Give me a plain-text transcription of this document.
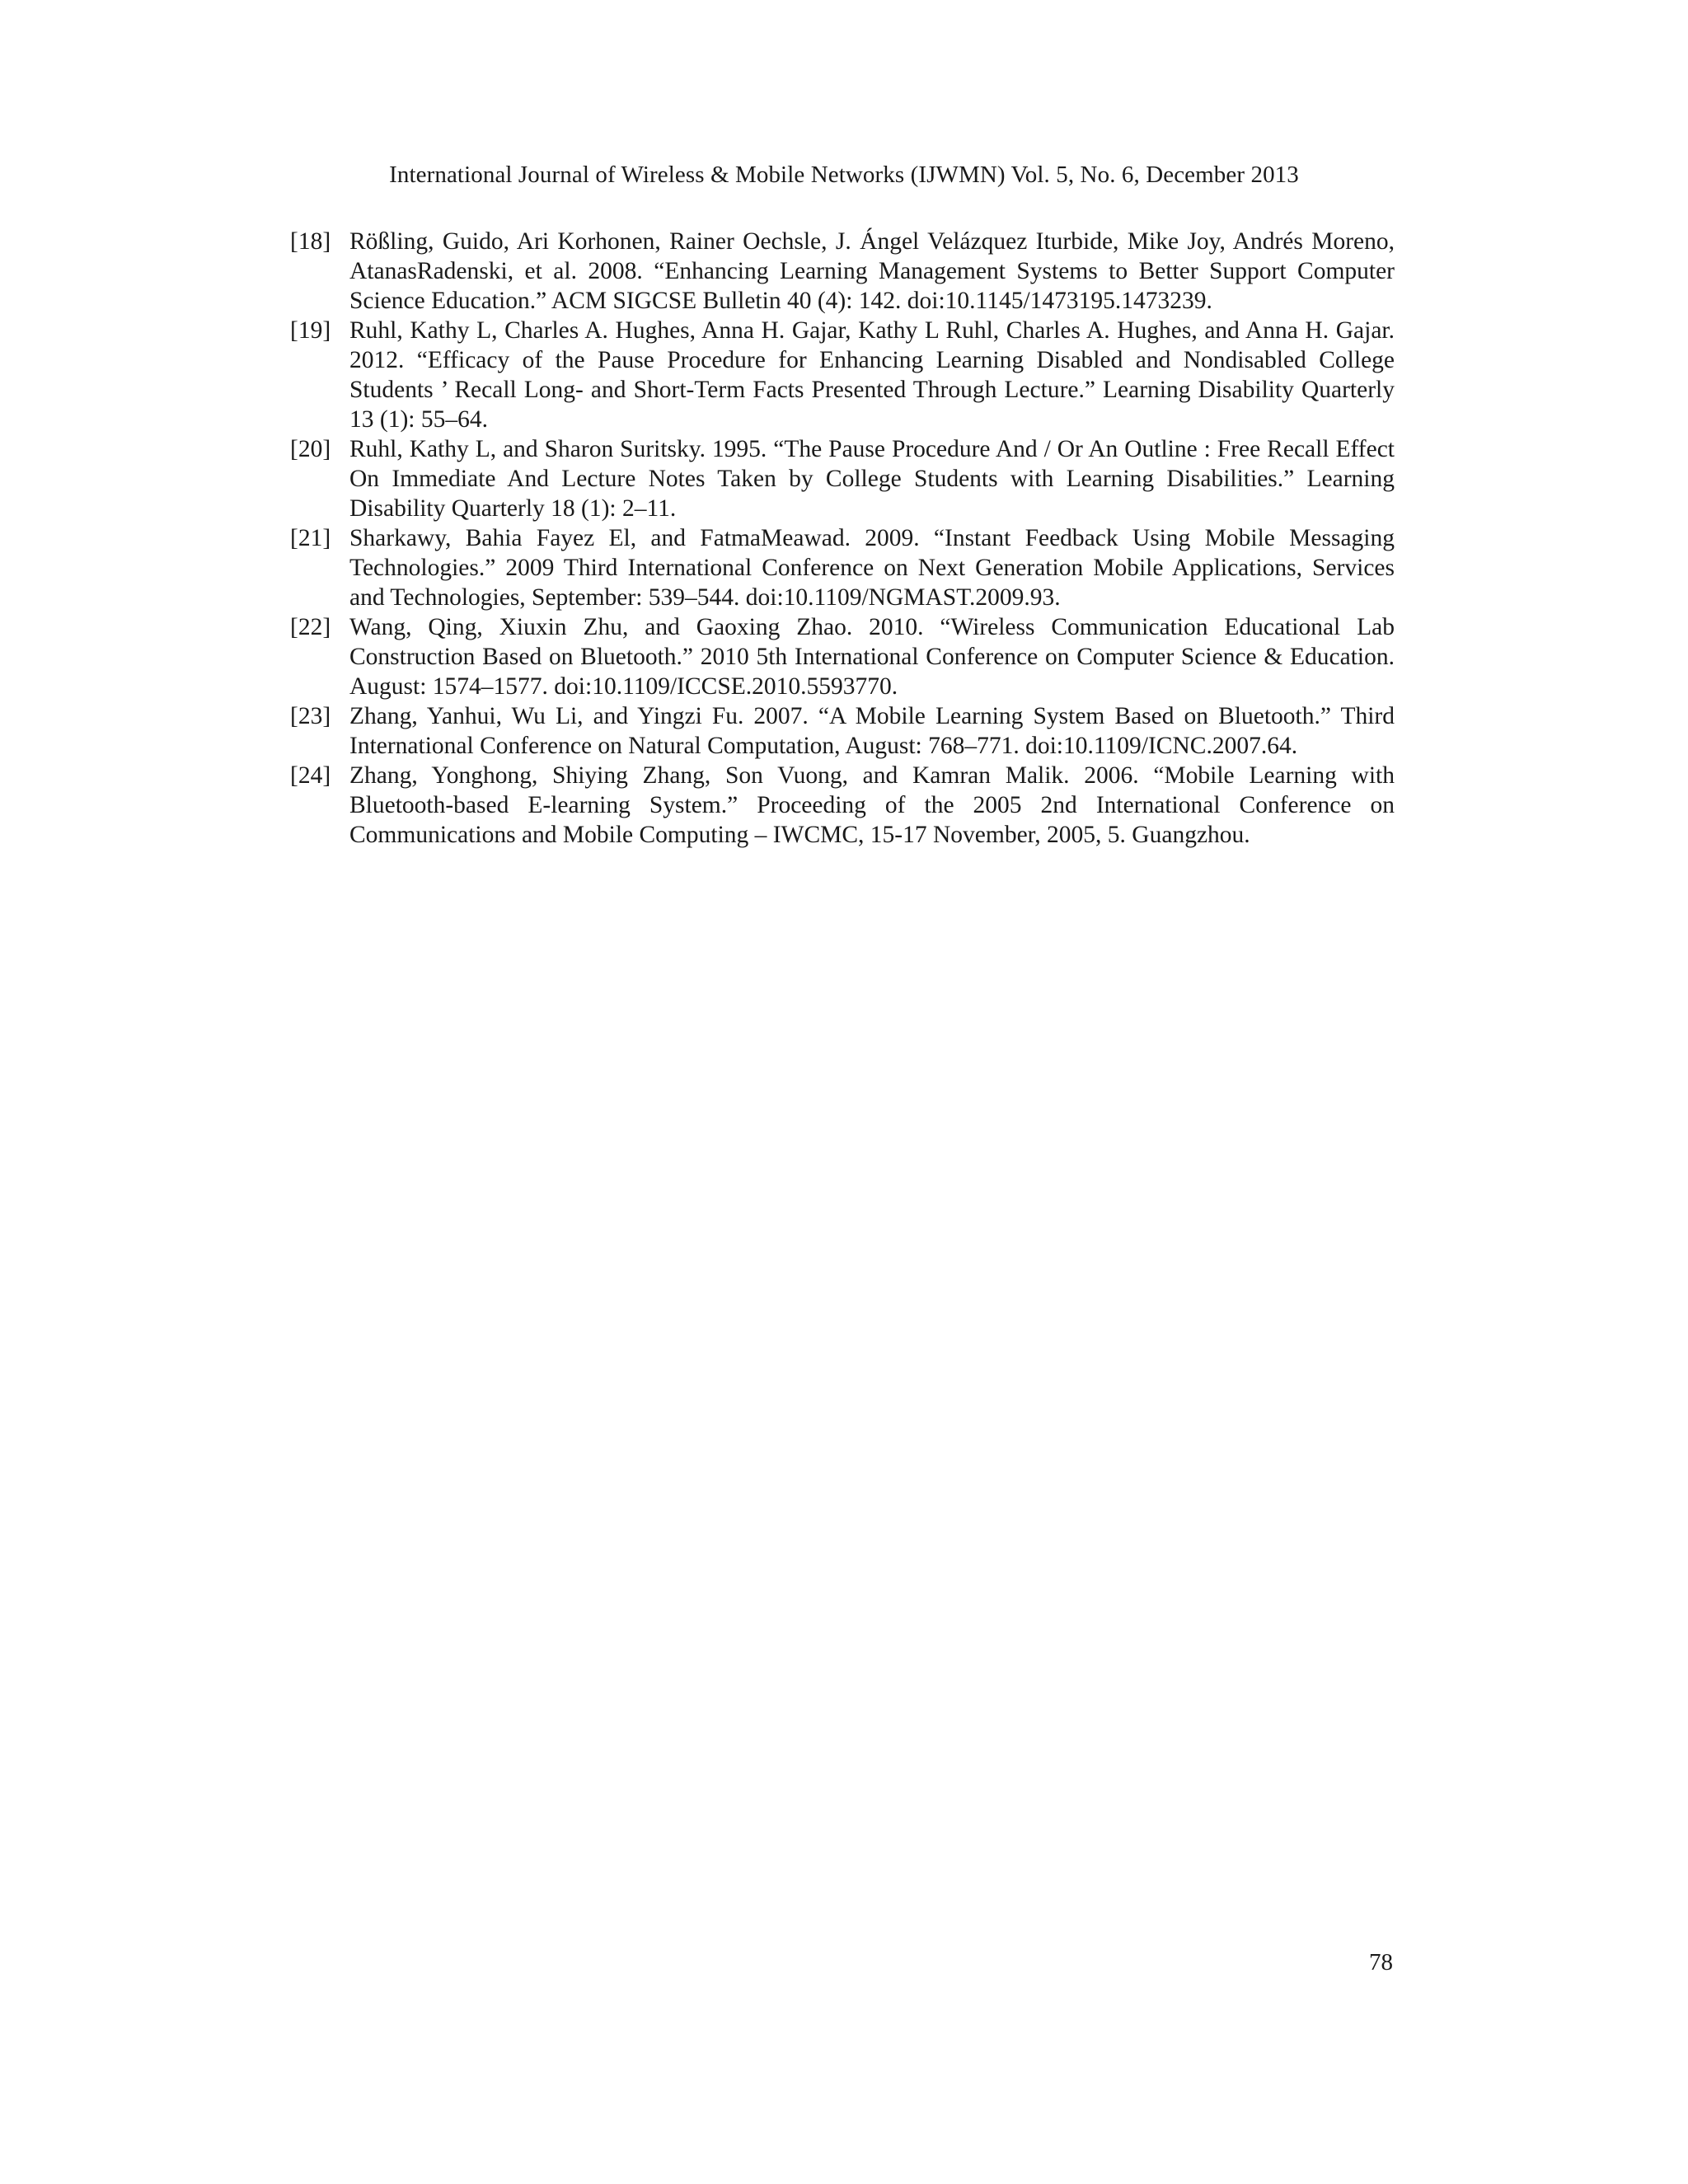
International Journal of Wireless & Mobile Networks (IJWMN) Vol. 5, No. 6, December 2013
[18] Rößling, Guido, Ari Korhonen, Rainer Oechsle, J. Ángel Velázquez Iturbide, Mike Joy, Andrés Moreno, AtanasRadenski, et al. 2008. “Enhancing Learning Management Systems to Better Support Computer Science Education.” ACM SIGCSE Bulletin 40 (4): 142. doi:10.1145/1473195.1473239.
[19] Ruhl, Kathy L, Charles A. Hughes, Anna H. Gajar, Kathy L Ruhl, Charles A. Hughes, and Anna H. Gajar. 2012. “Efficacy of the Pause Procedure for Enhancing Learning Disabled and Nondisabled College Students ’ Recall Long- and Short-Term Facts Presented Through Lecture.” Learning Disability Quarterly 13 (1): 55–64.
[20] Ruhl, Kathy L, and Sharon Suritsky. 1995. “The Pause Procedure And / Or An Outline : Free Recall Effect On Immediate And Lecture Notes Taken by College Students with Learning Disabilities.” Learning Disability Quarterly 18 (1): 2–11.
[21] Sharkawy, Bahia Fayez El, and FatmaMeawad. 2009. “Instant Feedback Using Mobile Messaging Technologies.” 2009 Third International Conference on Next Generation Mobile Applications, Services and Technologies, September: 539–544. doi:10.1109/NGMAST.2009.93.
[22] Wang, Qing, Xiuxin Zhu, and Gaoxing Zhao. 2010. “Wireless Communication Educational Lab Construction Based on Bluetooth.” 2010 5th International Conference on Computer Science & Education. August: 1574–1577. doi:10.1109/ICCSE.2010.5593770.
[23] Zhang, Yanhui, Wu Li, and Yingzi Fu. 2007. “A Mobile Learning System Based on Bluetooth.” Third International Conference on Natural Computation, August: 768–771. doi:10.1109/ICNC.2007.64.
[24] Zhang, Yonghong, Shiying Zhang, Son Vuong, and Kamran Malik. 2006. “Mobile Learning with Bluetooth-based E-learning System.” Proceeding of the 2005 2nd International Conference on Communications and Mobile Computing – IWCMC, 15-17 November, 2005, 5. Guangzhou.
78
